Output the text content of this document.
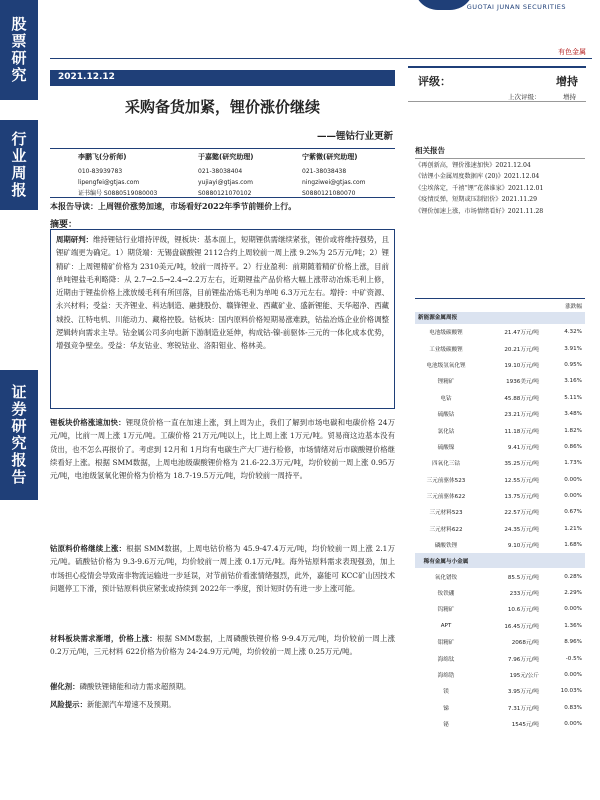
股票研究
行业周报
证券研究报告
GUOTAI JUNAN SECURITIES
有色金属
2021.12.12
采购备货加紧，锂价涨价继续
——锂钴行业更新
评级：	增持
上次评级：	增持
李鹏飞(分析师)
010-83939783
lipengfei@gtjas.com
证书编号 S0880519080003
于嘉懿(研究助理)
021-38038404
yujiayi@gtjas.com
S0880121070102
宁紫微(研究助理)
021-38038438
ningziwei@gtjas.com
S0880121080070
本报告导读：上周锂价涨势加速，市场看好2022年季节前锂价上行。
摘要：
周期研判：维持锂钴行业增持评级，锂板块：基本面上，短期锂供需继续紧张，锂价或将维持强势，且锂矿端更为确定。1）期货端：无锡盘碳酸锂 2112合约上周较前一周上涨 9.2%为 25万元/吨；2）锂精矿：上周锂精矿价格为 2310美元/吨，较前一周持平。2）行业盈利：前期随着精矿价格上涨，目前单吨锂盐毛利略降：从 2.7→2.5→2.4→2.2万左右，近期锂盐产品价格大幅上涨带动冶炼毛利上修，近期由于锂盐价格上涨放缓毛利有所回落，目前锂盐冶炼毛利为单吨 6.3万元左右。增持：中矿资源、永兴材料；受益：天齐锂业、科达制造、融捷股份、赣锋锂业、西藏矿业、盛新锂能、天华超净、西藏城投、江特电机、川能动力、藏格控股。钴板块：国内原料价格短期易涨难跌，钴盐冶炼企业价格调整逻辑转向需求主导。钴金属公司多向电新下游制造业延伸，构成钴-镍-前驱体-三元的一体化成本优势，增强竞争壁垒。受益：华友钴业、寒锐钴业、洛阳钼业、格林美。
锂板块价格涨速加快：锂现货价格一直在加速上涨，到上周为止，我们了解到市场电碳和电碳价格 24万元/吨，比前一周上涨 1万元/吨。工碳价格 21万元/吨以上，比上周上涨 1万元/吨。贸易商这边基本没有货出，也不怎么再报价了。考虑到 12月和 1月均有电碳生产大厂进行检修，市场情绪对后市碳酸锂价格继续看好上涨。根据 SMM数据，上周电池级碳酸锂价格为 21.6-22.3万元/吨，均价较前一周上涨 0.95万元/吨，电池级氢氧化锂价格为价格为 18.7-19.5万元/吨，均价较前一周持平。
钴原料价格继续上涨：根据 SMM数据，上周电钴价格为 45.9-47.4万元/吨，均价较前一周上涨 2.1万元/吨。硫酸钴价格为 9.3-9.6万元/吨，均价较前一周上涨 0.1万元/吨。海外钴原料需求表现强劲，加上市场担心疫情会导致南非物流运输进一步延误，对节前钴价看涨情绪强烈，此外，嘉能可 KCC矿山因技术问题停工下滑，预计钴原料供应紧张或持续到 2022年一季度，预计短时仍有进一步上涨可能。
材料板块需求渐增，价格上涨：根据 SMM数据，上周磷酸铁锂价格 9-9.4万元/吨，均价较前一周上涨 0.2万元/吨，三元材料 622价格为价格为 24-24.9万元/吨，均价较前一周上涨 0.25万元/吨。
催化剂：磷酸铁锂储能和动力需求超预期。
风险提示：新能源汽车增速不及预期。
相关报告
《再创新高，锂价涨速加快》2021.12.04
《钴锂小金属周度数据库 (20)》2021.12.04
《尘埃落定，千禧“锂”花落谁家》2021.12.01
《疫情反弹，短期或压制铝价》2021.11.29
《锂价加速上涨，市场情绪看好》2021.11.28
涨跌幅
新能源金属周报
电池级碳酸锂	21.47万元/吨	4.32%
工业级碳酸锂	20.21万元/吨	3.91%
电池级氢氧化锂	19.10万元/吨	0.95%
锂精矿	1936美元/吨	3.16%
电钴	45.88万元/吨	5.11%
硫酸钴	23.21万元/吨	3.48%
氯化钴	11.18万元/吨	1.82%
硫酸镍	9.41万元/吨	0.86%
四氧化三钴	35.25万元/吨	1.73%
三元前驱体523	12.55万元/吨	0.00%
三元前驱体622	13.75万元/吨	0.00%
三元材料523	22.57万元/吨	0.67%
三元材料622	24.35万元/吨	1.21%
磷酸铁锂	9.10万元/吨	1.68%
稀有金属与小金属
氧化镨钕	85.5万元/吨	0.28%
钕铁硼	233万元/吨	2.29%
钨精矿	10.6万元/吨	0.00%
APT	16.45万元/吨	1.36%
钼精矿	2068元/吨	8.96%
海绵钛	7.96万元/吨	-0.5%
海绵锆	195元/公斤	0.00%
镁	3.95万元/吨	10.03%
锑	7.31万元/吨	0.83%
铋	1545元/吨	0.00%
